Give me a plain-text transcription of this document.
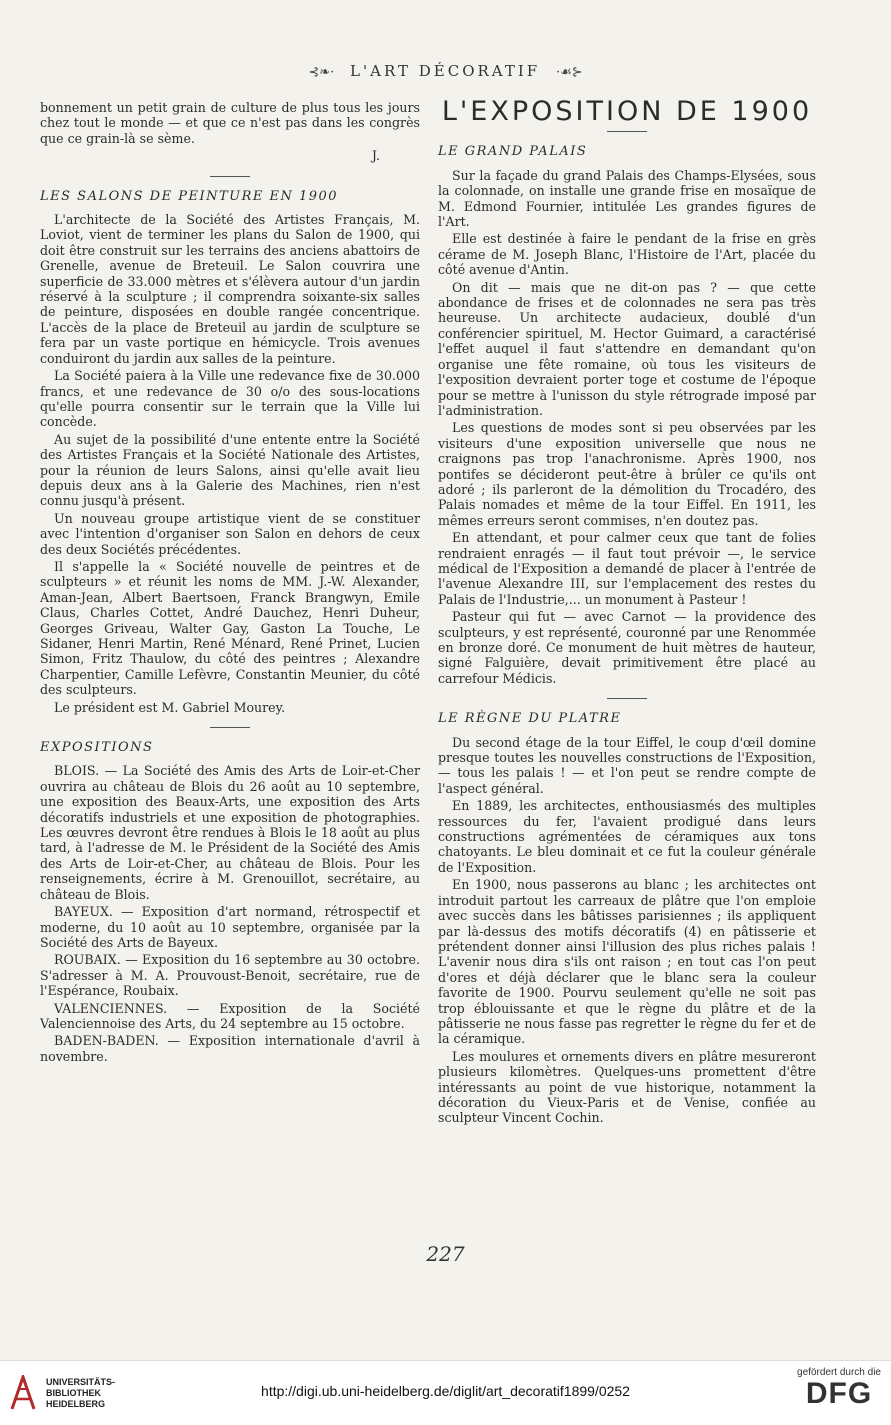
⊰❧· L'ART DÉCORATIF ·☙⊱

bonnement un petit grain de culture de plus tous les jours chez tout le monde — et que ce n'est pas dans les congrès que ce grain-là se sème.

J.
LES SALONS DE PEINTURE EN 1900

L'architecte de la Société des Artistes Français, M. Loviot, vient de terminer les plans du Salon de 1900, qui doit être construit sur les terrains des anciens abattoirs de Grenelle, avenue de Breteuil. Le Salon couvrira une superficie de 33.000 mètres et s'élèvera autour d'un jardin réservé à la sculpture ; il comprendra soixante-six salles de peinture, disposées en double rangée concentrique. L'accès de la place de Breteuil au jardin de sculpture se fera par un vaste portique en hémicycle. Trois avenues conduiront du jardin aux salles de la peinture.

La Société paiera à la Ville une redevance fixe de 30.000 francs, et une redevance de 30 o/o des sous-locations qu'elle pourra consentir sur le terrain que la Ville lui concède.

Au sujet de la possibilité d'une entente entre la Société des Artistes Français et la Société Nationale des Artistes, pour la réunion de leurs Salons, ainsi qu'elle avait lieu depuis deux ans à la Galerie des Machines, rien n'est connu jusqu'à présent.

Un nouveau groupe artistique vient de se constituer avec l'intention d'organiser son Salon en dehors de ceux des deux Sociétés précédentes.

Il s'appelle la « Société nouvelle de peintres et de sculpteurs » et réunit les noms de MM. J.-W. Alexander, Aman-Jean, Albert Baertsoen, Franck Brangwyn, Emile Claus, Charles Cottet, André Dauchez, Henri Duheur, Georges Griveau, Walter Gay, Gaston La Touche, Le Sidaner, Henri Martin, René Ménard, René Prinet, Lucien Simon, Fritz Thaulow, du côté des peintres ; Alexandre Charpentier, Camille Lefèvre, Constantin Meunier, du côté des sculpteurs.

Le président est M. Gabriel Mourey.

EXPOSITIONS

BLOIS. — La Société des Amis des Arts de Loir-et-Cher ouvrira au château de Blois du 26 août au 10 septembre, une exposition des Beaux-Arts, une exposition des Arts décoratifs industriels et une exposition de photographies. Les œuvres devront être rendues à Blois le 18 août au plus tard, à l'adresse de M. le Président de la Société des Amis des Arts de Loir-et-Cher, au château de Blois. Pour les renseignements, écrire à M. Grenouillot, secrétaire, au château de Blois.

BAYEUX. — Exposition d'art normand, rétrospectif et moderne, du 10 août au 10 septembre, organisée par la Société des Arts de Bayeux.

ROUBAIX. — Exposition du 16 septembre au 30 octobre. S'adresser à M. A. Prouvoust-Benoit, secrétaire, rue de l'Espérance, Roubaix.

VALENCIENNES. — Exposition de la Société Valenciennoise des Arts, du 24 septembre au 15 octobre.

BADEN-BADEN. — Exposition internationale d'avril à novembre.

L'EXPOSITION DE 1900
LE GRAND PALAIS

Sur la façade du grand Palais des Champs-Elysées, sous la colonnade, on installe une grande frise en mosaïque de M. Edmond Fournier, intitulée Les grandes figures de l'Art.

Elle est destinée à faire le pendant de la frise en grès cérame de M. Joseph Blanc, l'Histoire de l'Art, placée du côté avenue d'Antin.

On dit — mais que ne dit-on pas ? — que cette abondance de frises et de colonnades ne sera pas très heureuse. Un architecte audacieux, doublé d'un conférencier spirituel, M. Hector Guimard, a caractérisé l'effet auquel il faut s'attendre en demandant qu'on organise une fête romaine, où tous les visiteurs de l'exposition devraient porter toge et costume de l'époque pour se mettre à l'unisson du style rétrograde imposé par l'administration.

Les questions de modes sont si peu observées par les visiteurs d'une exposition universelle que nous ne craignons pas trop l'anachronisme. Après 1900, nos pontifes se décideront peut-être à brûler ce qu'ils ont adoré ; ils parleront de la démolition du Trocadéro, des Palais nomades et même de la tour Eiffel. En 1911, les mêmes erreurs seront commises, n'en doutez pas.

En attendant, et pour calmer ceux que tant de folies rendraient enragés — il faut tout prévoir —, le service médical de l'Exposition a demandé de placer à l'entrée de l'avenue Alexandre III, sur l'emplacement des restes du Palais de l'Industrie,... un monument à Pasteur !

Pasteur qui fut — avec Carnot — la providence des sculpteurs, y est représenté, couronné par une Renommée en bronze doré. Ce monument de huit mètres de hauteur, signé Falguière, devait primitivement être placé au carrefour Médicis.

LE RÈGNE DU PLATRE

Du second étage de la tour Eiffel, le coup d'œil domine presque toutes les nouvelles constructions de l'Exposition, — tous les palais ! — et l'on peut se rendre compte de l'aspect général.

En 1889, les architectes, enthousiasmés des multiples ressources du fer, l'avaient prodigué dans leurs constructions agrémentées de céramiques aux tons chatoyants. Le bleu dominait et ce fut la couleur générale de l'Exposition.

En 1900, nous passerons au blanc ; les architectes ont introduit partout les carreaux de plâtre que l'on emploie avec succès dans les bâtisses parisiennes ; ils appliquent par là-dessus des motifs décoratifs (4) en pâtisserie et prétendent donner ainsi l'illusion des plus riches palais ! L'avenir nous dira s'ils ont raison ; en tout cas l'on peut d'ores et déjà déclarer que le blanc sera la couleur favorite de 1900. Pourvu seulement qu'elle ne soit pas trop éblouissante et que le règne du plâtre et de la pâtisserie ne nous fasse pas regretter le règne du fer et de la céramique.

Les moulures et ornements divers en plâtre mesureront plusieurs kilomètres. Quelques-uns promettent d'être intéressants au point de vue historique, notamment la décoration du Vieux-Paris et de Venise, confiée au sculpteur Vincent Cochin.

227
UNIVERSITÄTS-
BIBLIOTHEK
HEIDELBERG
http://digi.ub.uni-heidelberg.de/diglit/art_decoratif1899/0252
gefördert durch die
DFG
